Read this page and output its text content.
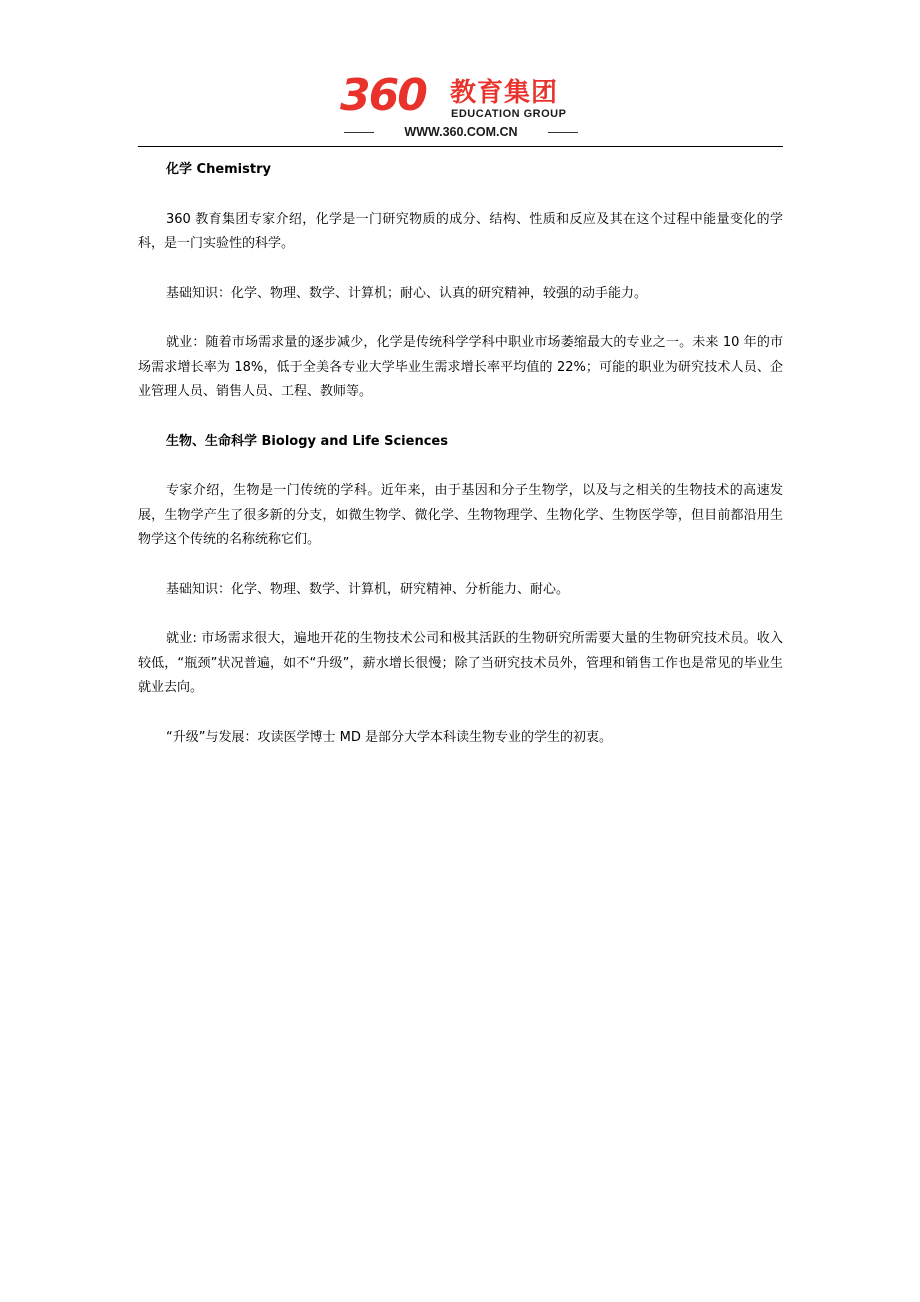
360 教育集团
EDUCATION GROUP
WWW.360.COM.CN

化学 Chemistry

360 教育集团专家介绍，化学是一门研究物质的成分、结构、性质和反应及其在这个过程中能量变化的学科，是一门实验性的科学。

基础知识：化学、物理、数学、计算机；耐心、认真的研究精神，较强的动手能力。

就业：随着市场需求量的逐步减少，化学是传统科学学科中职业市场萎缩最大的专业之一。未来 10 年的市场需求增长率为 18%，低于全美各专业大学毕业生需求增长率平均值的 22%；可能的职业为研究技术人员、企业管理人员、销售人员、工程、教师等。

生物、生命科学 Biology and Life Sciences

专家介绍，生物是一门传统的学科。近年来，由于基因和分子生物学，以及与之相关的生物技术的高速发展，生物学产生了很多新的分支，如微生物学、微化学、生物物理学、生物化学、生物医学等，但目前都沿用生物学这个传统的名称统称它们。

基础知识：化学、物理、数学、计算机，研究精神、分析能力、耐心。

就业: 市场需求很大，遍地开花的生物技术公司和极其活跃的生物研究所需要大量的生物研究技术员。收入较低，“瓶颈”状况普遍，如不“升级”，薪水增长很慢；除了当研究技术员外，管理和销售工作也是常见的毕业生就业去向。

“升级”与发展：攻读医学博士 MD 是部分大学本科读生物专业的学生的初衷。
